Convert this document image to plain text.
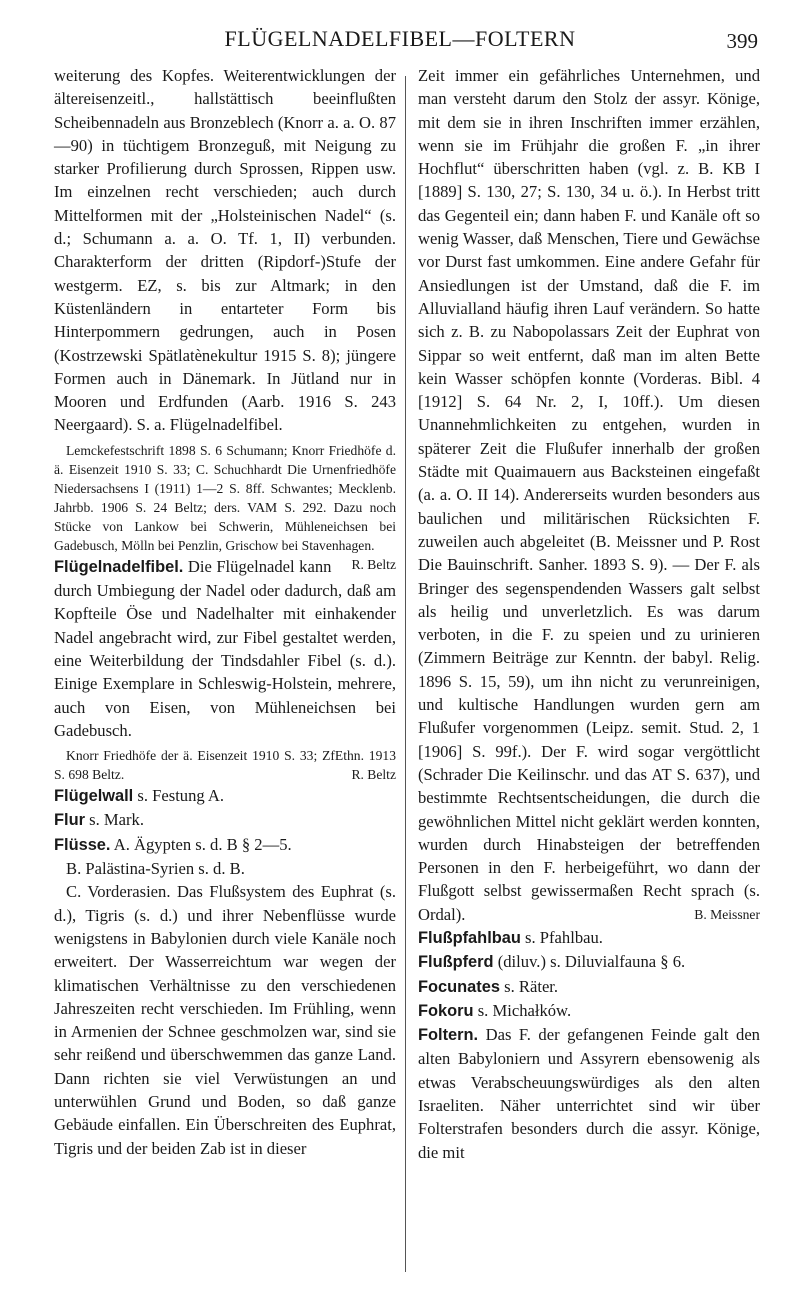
FLÜGELNADELFIBEL—FOLTERN	399

weiterung des Kopfes. Weiterentwicklungen der ältereisenzeitl., hallstättisch beeinflußten Scheibennadeln aus Bronzeblech (Knorr a. a. O. 87—90) in tüchtigem Bronzeguß, mit Neigung zu starker Profilierung durch Sprossen, Rippen usw. Im einzelnen recht verschieden; auch durch Mittelformen mit der „Holsteinischen Nadel“ (s. d.; Schumann a. a. O. Tf. 1, II) verbunden. Charakterform der dritten (Ripdorf-)Stufe der westgerm. EZ, s. bis zur Altmark; in den Küstenländern in entarteter Form bis Hinterpommern gedrungen, auch in Posen (Kostrzewski Spätlatènekultur 1915 S. 8); jüngere Formen auch in Dänemark. In Jütland nur in Mooren und Erdfunden (Aarb. 1916 S. 243 Neergaard). S. a. Flügelnadelfibel.

Lemckefestschrift 1898 S. 6 Schumann; Knorr Friedhöfe d. ä. Eisenzeit 1910 S. 33; C. Schuchhardt Die Urnenfriedhöfe Niedersachsens I (1911) 1—2 S. 8ff. Schwantes; Mecklenb. Jahrbb. 1906 S. 24 Beltz; ders. VAM S. 292. Dazu noch Stücke von Lankow bei Schwerin, Mühleneichsen bei Gadebusch, Mölln bei Penzlin, Grischow bei Stavenhagen.
R. Beltz

Flügelnadelfibel. Die Flügelnadel kann durch Umbiegung der Nadel oder dadurch, daß am Kopfteile Öse und Nadelhalter mit einhakender Nadel angebracht wird, zur Fibel gestaltet werden, eine Weiterbildung der Tindsdahler Fibel (s. d.). Einige Exemplare in Schleswig-Holstein, mehrere, auch von Eisen, von Mühleneichsen bei Gadebusch.

Knorr Friedhöfe der ä. Eisenzeit 1910 S. 33; ZfEthn. 1913 S. 698 Beltz.	R. Beltz

Flügelwall s. Festung A.

Flur s. Mark.

Flüsse. A. Ägypten s. d. B § 2—5.

B. Palästina-Syrien s. d. B.

C. Vorderasien. Das Flußsystem des Euphrat (s. d.), Tigris (s. d.) und ihrer Nebenflüsse wurde wenigstens in Babylonien durch viele Kanäle noch erweitert. Der Wasserreichtum war wegen der klimatischen Verhältnisse zu den verschiedenen Jahreszeiten recht verschieden. Im Frühling, wenn in Armenien der Schnee geschmolzen war, sind sie sehr reißend und überschwemmen das ganze Land. Dann richten sie viel Verwüstungen an und unterwühlen Grund und Boden, so daß ganze Gebäude einfallen. Ein Überschreiten des Euphrat, Tigris und der beiden Zab ist in dieser

Zeit immer ein gefährliches Unternehmen, und man versteht darum den Stolz der assyr. Könige, mit dem sie in ihren Inschriften immer erzählen, wenn sie im Frühjahr die großen F. „in ihrer Hochflut“ überschritten haben (vgl. z. B. KB I [1889] S. 130, 27; S. 130, 34 u. ö.). In Herbst tritt das Gegenteil ein; dann haben F. und Kanäle oft so wenig Wasser, daß Menschen, Tiere und Gewächse vor Durst fast umkommen. Eine andere Gefahr für Ansiedlungen ist der Umstand, daß die F. im Alluvialland häufig ihren Lauf verändern. So hatte sich z. B. zu Nabopolassars Zeit der Euphrat von Sippar so weit entfernt, daß man im alten Bette kein Wasser schöpfen konnte (Vorderas. Bibl. 4 [1912] S. 64 Nr. 2, I, 10ff.). Um diesen Unannehmlichkeiten zu entgehen, wurden in späterer Zeit die Flußufer innerhalb der großen Städte mit Quaimauern aus Backsteinen eingefaßt (a. a. O. II 14). Andererseits wurden besonders aus baulichen und militärischen Rücksichten F. zuweilen auch abgeleitet (B. Meissner und P. Rost Die Bauinschrift. Sanher. 1893 S. 9). — Der F. als Bringer des segenspendenden Wassers galt selbst als heilig und unverletzlich. Es was darum verboten, in die F. zu speien und zu urinieren (Zimmern Beiträge zur Kenntn. der babyl. Relig. 1896 S. 15, 59), um ihn nicht zu verunreinigen, und kultische Handlungen wurden gern am Flußufer vorgenommen (Leipz. semit. Stud. 2, 1 [1906] S. 99f.). Der F. wird sogar vergöttlicht (Schrader Die Keilinschr. und das AT S. 637), und bestimmte Rechtsentscheidungen, die durch die gewöhnlichen Mittel nicht geklärt werden konnten, wurden durch Hinabsteigen der betreffenden Personen in den F. herbeigeführt, wo dann der Flußgott selbst gewissermaßen Recht sprach (s. Ordal).	B. Meissner

Flußpfahlbau s. Pfahlbau.

Flußpferd (diluv.) s. Diluvialfauna § 6.

Focunates s. Räter.

Fokoru s. Michałków.

Foltern. Das F. der gefangenen Feinde galt den alten Babyloniern und Assyrern ebensowenig als etwas Verabscheuungswürdiges als den alten Israeliten. Näher unterrichtet sind wir über Folterstrafen besonders durch die assyr. Könige, die mit
